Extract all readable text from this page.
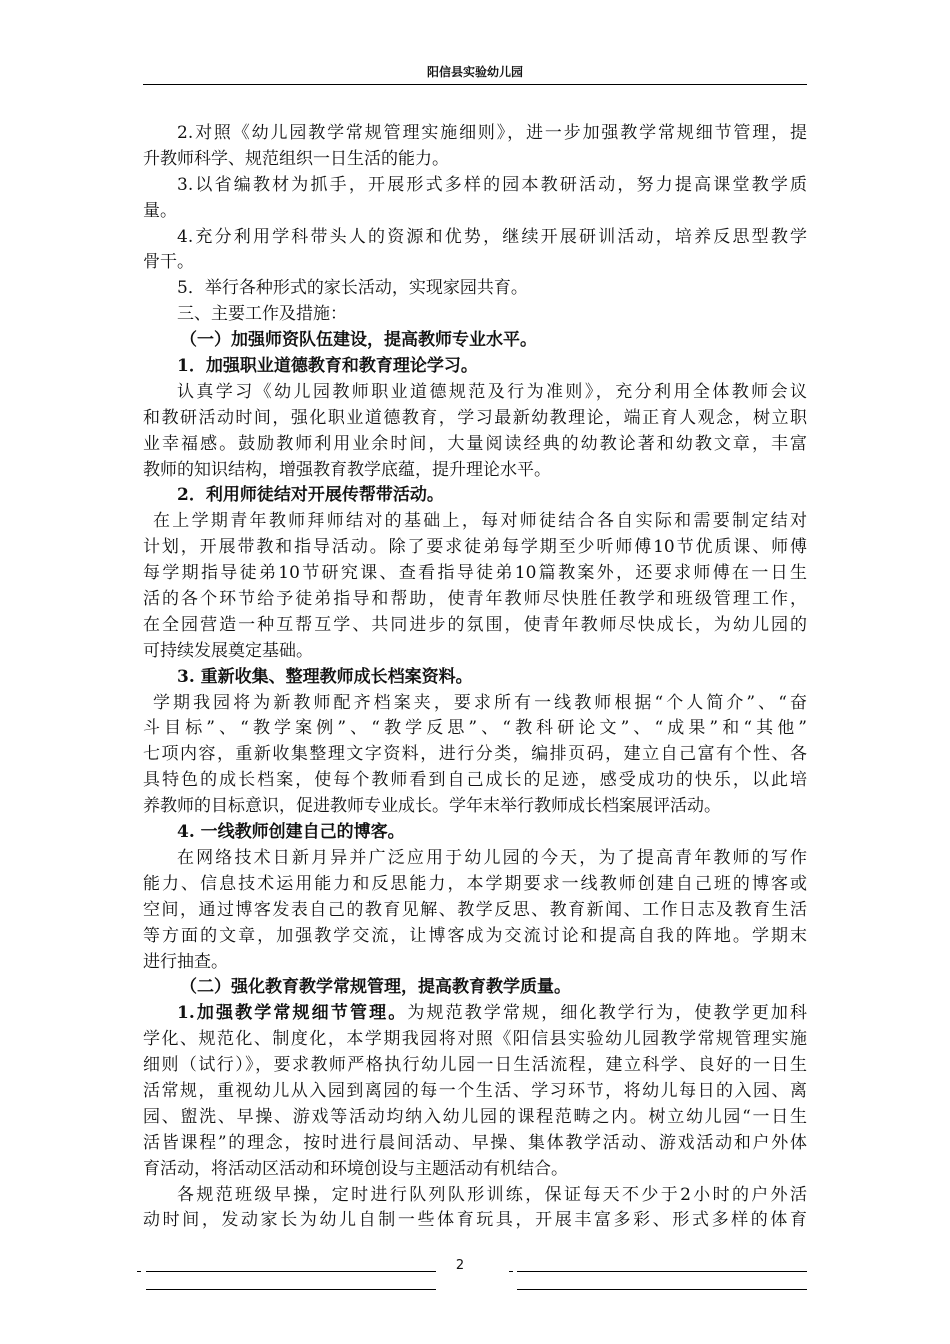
阳信县实验幼儿园
2.对照《幼儿园教学常规管理实施细则》，进一步加强教学常规细节管理，提
升教师科学、规范组织一日生活的能力。
3.以省编教材为抓手，开展形式多样的园本教研活动，努力提高课堂教学质
量。
4.充分利用学科带头人的资源和优势，继续开展研训活动，培养反思型教学
骨干。
5．举行各种形式的家长活动，实现家园共育。
三、主要工作及措施：
（一）加强师资队伍建设，提高教师专业水平。
1．加强职业道德教育和教育理论学习。
认真学习《幼儿园教师职业道德规范及行为准则》，充分利用全体教师会议
和教研活动时间，强化职业道德教育，学习最新幼教理论，端正育人观念，树立职
业幸福感。鼓励教师利用业余时间，大量阅读经典的幼教论著和幼教文章，丰富
教师的知识结构，增强教育教学底蕴，提升理论水平。
2．利用师徒结对开展传帮带活动。
在上学期青年教师拜师结对的基础上，每对师徒结合各自实际和需要制定结对
计划，开展带教和指导活动。除了要求徒弟每学期至少听师傅10节优质课、师傅
每学期指导徒弟10节研究课、查看指导徒弟10篇教案外，还要求师傅在一日生
活的各个环节给予徒弟指导和帮助，使青年教师尽快胜任教学和班级管理工作，
在全园营造一种互帮互学、共同进步的氛围，使青年教师尽快成长，为幼儿园的
可持续发展奠定基础。
3. 重新收集、整理教师成长档案资料。
学期我园将为新教师配齐档案夹，要求所有一线教师根据“个人简介”、“奋
斗目标”、“教学案例”、“教学反思”、“教科研论文”、“成果”和“其他”
七项内容，重新收集整理文字资料，进行分类，编排页码，建立自己富有个性、各
具特色的成长档案，使每个教师看到自己成长的足迹，感受成功的快乐，以此培
养教师的目标意识，促进教师专业成长。学年末举行教师成长档案展评活动。
4. 一线教师创建自己的博客。
在网络技术日新月异并广泛应用于幼儿园的今天，为了提高青年教师的写作
能力、信息技术运用能力和反思能力，本学期要求一线教师创建自己班的博客或
空间，通过博客发表自己的教育见解、教学反思、教育新闻、工作日志及教育生活
等方面的文章，加强教学交流，让博客成为交流讨论和提高自我的阵地。学期末
进行抽查。
（二）强化教育教学常规管理，提高教育教学质量。
1.加强教学常规细节管理。为规范教学常规，细化教学行为，使教学更加科
学化、规范化、制度化，本学期我园将对照《阳信县实验幼儿园教学常规管理实施
细则（试行）》，要求教师严格执行幼儿园一日生活流程，建立科学、良好的一日生
活常规，重视幼儿从入园到离园的每一个生活、学习环节，将幼儿每日的入园、离
园、盥洗、早操、游戏等活动均纳入幼儿园的课程范畴之内。树立幼儿园“一日生
活皆课程”的理念，按时进行晨间活动、早操、集体教学活动、游戏活动和户外体
育活动，将活动区活动和环境创设与主题活动有机结合。
各规范班级早操，定时进行队列队形训练，保证每天不少于2小时的户外活
动时间，发动家长为幼儿自制一些体育玩具，开展丰富多彩、形式多样的体育
2
